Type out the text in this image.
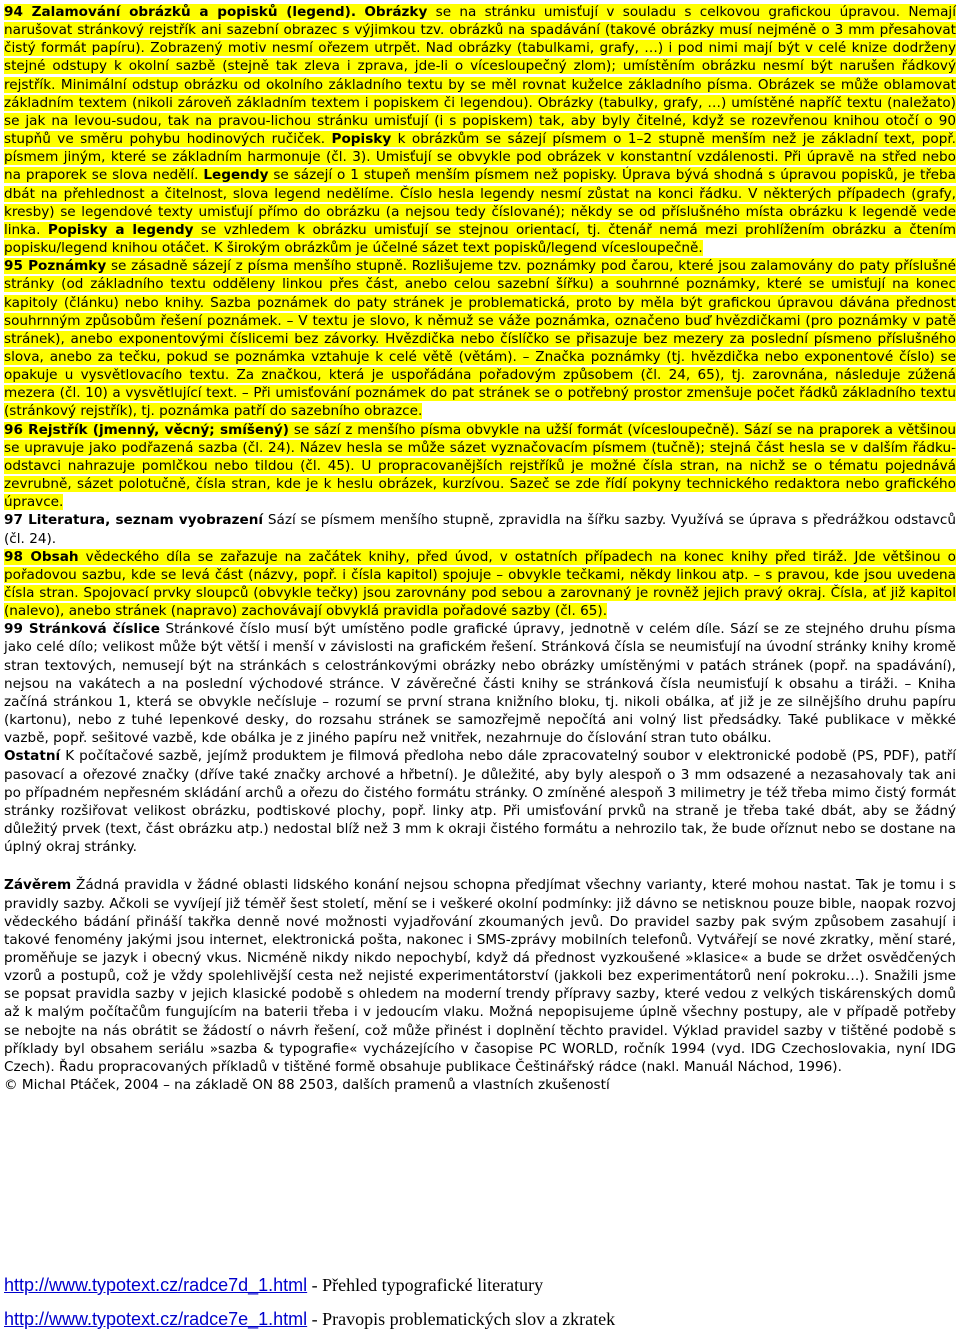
94 Zalamování obrázků a popisků (legend). Obrázky se na stránku umisťují v souladu s celkovou grafickou úpravou. Nemají narušovat stránkový rejstřík ani sazební obrazec s výjimkou tzv. obrázků na spadávání (takové obrázky musí nejméně o 3 mm přesahovat čistý formát papíru). Zobrazený motiv nesmí ořezem utrpět. Nad obrázky (tabulkami, grafy, …) i pod nimi mají být v celé knize dodrženy stejné odstupy k okolní sazbě (stejně tak zleva i zprava, jde-li o vícesloupečný zlom); umístěním obrázku nesmí být narušen řádkový rejstřík. Minimální odstup obrázku od okolního základního textu by se měl rovnat kuželce základního písma. Obrázek se může oblamovat základním textem (nikoli zároveň základním textem i popiskem či legendou). Obrázky (tabulky, grafy, …) umístěné napříč textu (naležato) se jak na levou-sudou, tak na pravou-lichou stránku umisťují (i s popiskem) tak, aby byly čitelné, když se rozevřenou knihou otočí o 90 stupňů ve směru pohybu hodinových ručiček. Popisky k obrázkům se sázejí písmem o 1–2 stupně menším než je základní text, popř. písmem jiným, které se základním harmonuje (čl. 3). Umisťují se obvykle pod obrázek v konstantní vzdálenosti. Při úpravě na střed nebo na praporek se slova nedělí. Legendy se sázejí o 1 stupeň menším písmem než popisky. Úprava bývá shodná s úpravou popisků, je třeba dbát na přehlednost a čitelnost, slova legend nedělíme. Číslo hesla legendy nesmí zůstat na konci řádku. V některých případech (grafy, kresby) se legendové texty umisťují přímo do obrázku (a nejsou tedy číslované); někdy se od příslušného místa obrázku k legendě vede linka. Popisky a legendy se vzhledem k obrázku umisťují se stejnou orientací, tj. čtenář nemá mezi prohlížením obrázku a čtením popisku/legend knihou otáčet. K širokým obrázkům je účelné sázet text popisků/legend vícesloupečně.

95 Poznámky se zásadně sázejí z písma menšího stupně. Rozlišujeme tzv. poznámky pod čarou, které jsou zalamovány do paty příslušné stránky (od základního textu odděleny linkou přes část, anebo celou sazební šířku) a souhrnné poznámky, které se umisťují na konec kapitoly (článku) nebo knihy. Sazba poznámek do paty stránek je problematická, proto by měla být grafickou úpravou dávána přednost souhrnným způsobům řešení poznámek. – V textu je slovo, k němuž se váže poznámka, označeno buď hvězdičkami (pro poznámky v patě stránek), anebo exponentovými číslicemi bez závorky. Hvězdička nebo číslíčko se přisazuje bez mezery za poslední písmeno příslušného slova, anebo za tečku, pokud se poznámka vztahuje k celé větě (větám). – Značka poznámky (tj. hvězdička nebo exponentové číslo) se opakuje u vysvětlovacího textu. Za značkou, která je uspořádána pořadovým způsobem (čl. 24, 65), tj. zarovnána, následuje zúžená mezera (čl. 10) a vysvětlující text. – Při umisťování poznámek do pat stránek se o potřebný prostor zmenšuje počet řádků základního textu (stránkový rejstřík), tj. poznámka patří do sazebního obrazce.

96 Rejstřík (jmenný, věcný; smíšený) se sází z menšího písma obvykle na užší formát (vícesloupečně). Sází se na praporek a většinou se upravuje jako podřazená sazba (čl. 24). Název hesla se může sázet vyznačovacím písmem (tučně); stejná část hesla se v dalším řádku-odstavci nahrazuje pomlčkou nebo tildou (čl. 45). U propracovanějších rejstříků je možné čísla stran, na nichž se o tématu pojednává zevrubně, sázet polotučně, čísla stran, kde je k heslu obrázek, kurzívou. Sazeč se zde řídí pokyny technického redaktora nebo grafického úpravce.

97 Literatura, seznam vyobrazení Sází se písmem menšího stupně, zpravidla na šířku sazby. Využívá se úprava s předrážkou odstavců (čl. 24).

98 Obsah vědeckého díla se zařazuje na začátek knihy, před úvod, v ostatních případech na konec knihy před tiráž. Jde většinou o pořadovou sazbu, kde se levá část (názvy, popř. i čísla kapitol) spojuje – obvykle tečkami, někdy linkou atp. – s pravou, kde jsou uvedena čísla stran. Spojovací prvky sloupců (obvykle tečky) jsou zarovnány pod sebou a zarovnaný je rovněž jejich pravý okraj. Čísla, ať již kapitol (nalevo), anebo stránek (napravo) zachovávají obvyklá pravidla pořadové sazby (čl. 65).

99 Stránková číslice Stránkové číslo musí být umístěno podle grafické úpravy, jednotně v celém díle. Sází se ze stejného druhu písma jako celé dílo; velikost může být větší i menší v závislosti na grafickém řešení. Stránková čísla se neumisťují na úvodní stránky knihy kromě stran textových, nemusejí být na stránkách s celostránkovými obrázky nebo obrázky umístěnými v patách stránek (popř. na spadávání), nejsou na vakátech a na poslední východové stránce. V závěrečné části knihy se stránková čísla neumisťují k obsahu a tiráži. – Kniha začíná stránkou 1, která se obvykle nečísluje – rozumí se první strana knižního bloku, tj. nikoli obálka, ať již je ze silnějšího druhu papíru (kartonu), nebo z tuhé lepenkové desky, do rozsahu stránek se samozřejmě nepočítá ani volný list předsádky. Také publikace v měkké vazbě, popř. sešitové vazbě, kde obálka je z jiného papíru než vnitřek, nezahrnuje do číslování stran tuto obálku.

Ostatní K počítačové sazbě, jejímž produktem je filmová předloha nebo dále zpracovatelný soubor v elektronické podobě (PS, PDF), patří pasovací a ořezové značky (dříve také značky archové a hřbetní). Je důležité, aby byly alespoň o 3 mm odsazené a nezasahovaly tak ani po případném nepřesném skládání archů a ořezu do čistého formátu stránky. O zmíněné alespoň 3 milimetry je též třeba mimo čistý formát stránky rozšiřovat velikost obrázku, podtiskové plochy, popř. linky atp. Při umisťování prvků na straně je třeba také dbát, aby se žádný důležitý prvek (text, část obrázku atp.) nedostal blíž než 3 mm k okraji čistého formátu a nehrozilo tak, že bude oříznut nebo se dostane na úplný okraj stránky.

Závěrem Žádná pravidla v žádné oblasti lidského konání nejsou schopna předjímat všechny varianty, které mohou nastat. Tak je tomu i s pravidly sazby. Ačkoli se vyvíjejí již téměř šest století, mění se i veškeré okolní podmínky: již dávno se netisknou pouze bible, naopak rozvoj vědeckého bádání přináší takřka denně nové možnosti vyjadřování zkoumaných jevů. Do pravidel sazby pak svým způsobem zasahují i takové fenomény jakými jsou internet, elektronická pošta, nakonec i SMS-zprávy mobilních telefonů. Vytvářejí se nové zkratky, mění staré, proměňuje se jazyk i obecný vkus. Nicméně nikdy nikdo nepochybí, když dá přednost vyzkoušené »klasice« a bude se držet osvědčených vzorů a postupů, což je vždy spolehlivější cesta než nejisté experimentátorství (jakkoli bez experimentátorů není pokroku…). Snažili jsme se popsat pravidla sazby v jejich klasické podobě s ohledem na moderní trendy přípravy sazby, které vedou z velkých tiskárenských domů až k malým počítačům fungujícím na baterii třeba i v jedoucím vlaku. Možná nepopisujeme úplně všechny postupy, ale v případě potřeby se nebojte na nás obrátit se žádostí o návrh řešení, což může přinést i doplnění těchto pravidel. Výklad pravidel sazby v tištěné podobě s příklady byl obsahem seriálu »sazba & typografie« vycházejícího v časopise PC WORLD, ročník 1994 (vyd. IDG Czechoslovakia, nyní IDG Czech). Řadu propracovaných příkladů v tištěné formě obsahuje publikace Češtinářský rádce (nakl. Manuál Náchod, 1996).

© Michal Ptáček, 2004 – na základě ON 88 2503, dalších pramenů a vlastních zkušeností

http://www.typotext.cz/radce7d_1.html - Přehled typografické literatury
http://www.typotext.cz/radce7e_1.html - Pravopis problematických slov a zkratek
